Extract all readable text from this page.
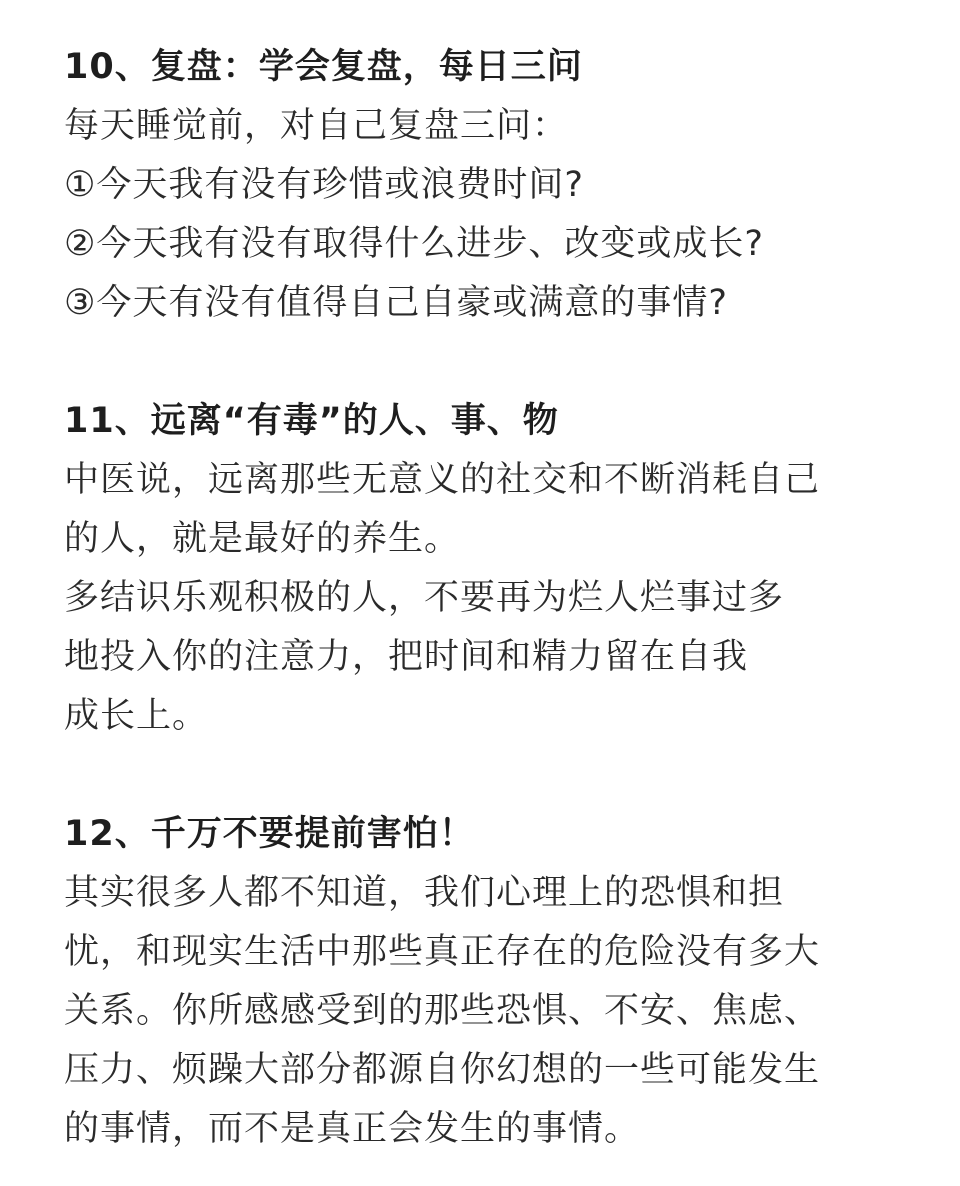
10、复盘：学会复盘，每日三问
每天睡觉前，对自己复盘三问：
①今天我有没有珍惜或浪费时间?
②今天我有没有取得什么进步、改变或成长?
③今天有没有值得自己自豪或满意的事情?
11、远离“有毒”的人、事、物
中医说，远离那些无意义的社交和不断消耗自己
的人，就是最好的养生。
多结识乐观积极的人，不要再为烂人烂事过多
地投入你的注意力，把时间和精力留在自我
成长上。
12、千万不要提前害怕！
其实很多人都不知道，我们心理上的恐惧和担
忧，和现实生活中那些真正存在的危险没有多大
关系。你所感感受到的那些恐惧、不安、焦虑、
压力、烦躁大部分都源自你幻想的一些可能发生
的事情，而不是真正会发生的事情。
